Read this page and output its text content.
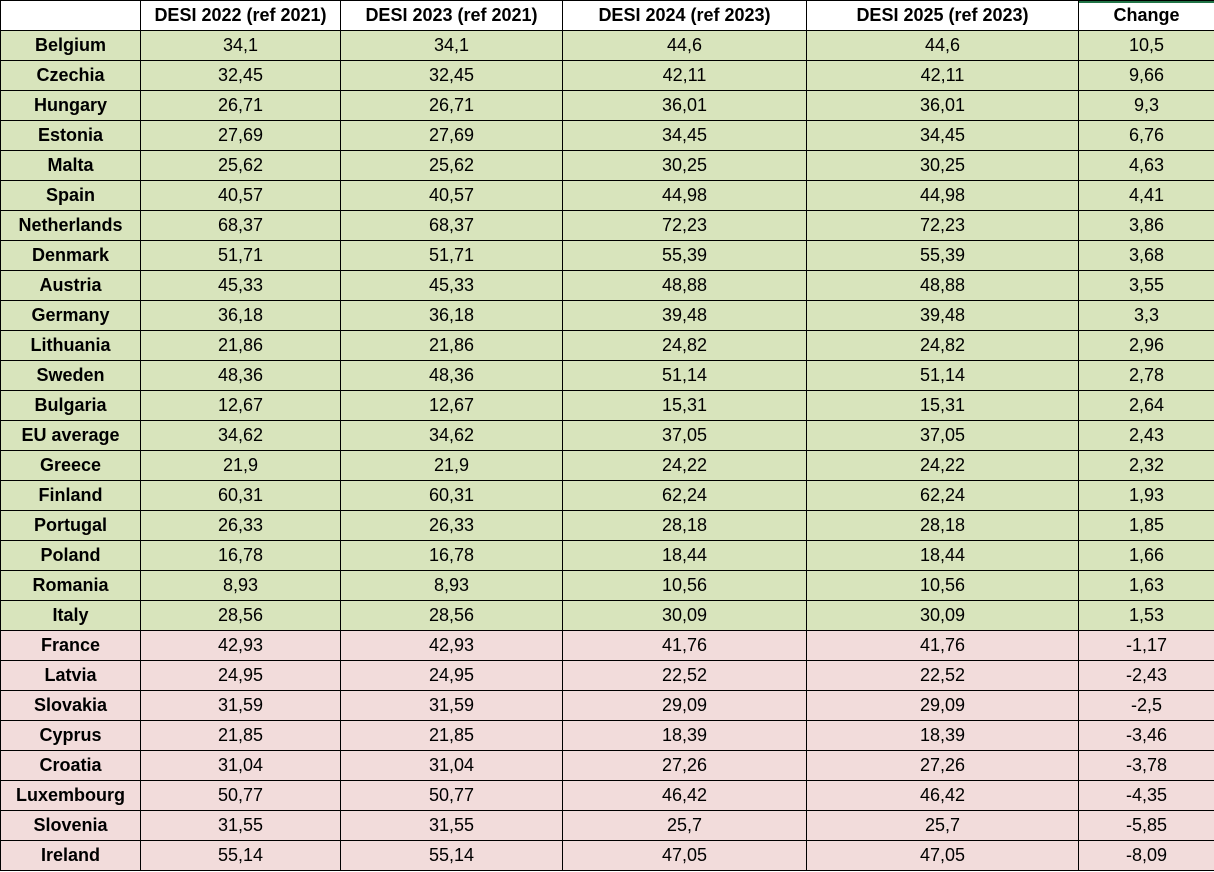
	DESI 2022 (ref 2021)	DESI 2023 (ref 2021)	DESI 2024 (ref 2023)	DESI 2025 (ref 2023)	Change
Belgium	34,1	34,1	44,6	44,6	10,5
Czechia	32,45	32,45	42,11	42,11	9,66
Hungary	26,71	26,71	36,01	36,01	9,3
Estonia	27,69	27,69	34,45	34,45	6,76
Malta	25,62	25,62	30,25	30,25	4,63
Spain	40,57	40,57	44,98	44,98	4,41
Netherlands	68,37	68,37	72,23	72,23	3,86
Denmark	51,71	51,71	55,39	55,39	3,68
Austria	45,33	45,33	48,88	48,88	3,55
Germany	36,18	36,18	39,48	39,48	3,3
Lithuania	21,86	21,86	24,82	24,82	2,96
Sweden	48,36	48,36	51,14	51,14	2,78
Bulgaria	12,67	12,67	15,31	15,31	2,64
EU average	34,62	34,62	37,05	37,05	2,43
Greece	21,9	21,9	24,22	24,22	2,32
Finland	60,31	60,31	62,24	62,24	1,93
Portugal	26,33	26,33	28,18	28,18	1,85
Poland	16,78	16,78	18,44	18,44	1,66
Romania	8,93	8,93	10,56	10,56	1,63
Italy	28,56	28,56	30,09	30,09	1,53
France	42,93	42,93	41,76	41,76	-1,17
Latvia	24,95	24,95	22,52	22,52	-2,43
Slovakia	31,59	31,59	29,09	29,09	-2,5
Cyprus	21,85	21,85	18,39	18,39	-3,46
Croatia	31,04	31,04	27,26	27,26	-3,78
Luxembourg	50,77	50,77	46,42	46,42	-4,35
Slovenia	31,55	31,55	25,7	25,7	-5,85
Ireland	55,14	55,14	47,05	47,05	-8,09
